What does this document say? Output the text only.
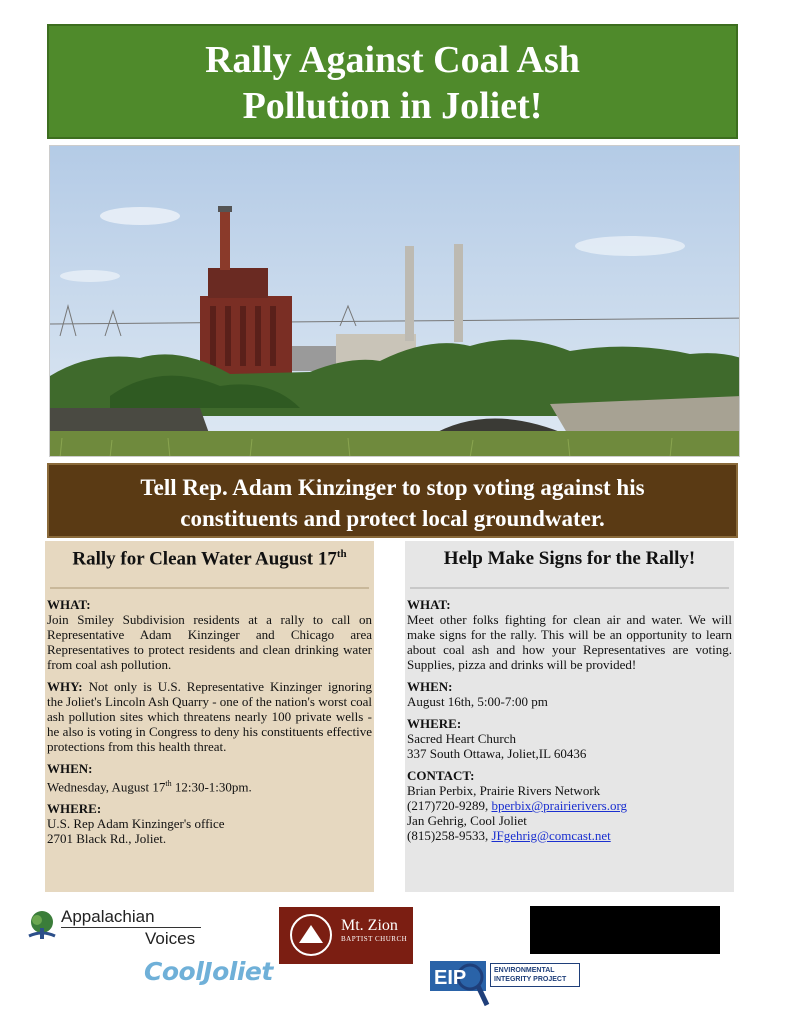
Rally Against Coal Ash
Pollution in Joliet!
Tell Rep. Adam Kinzinger to stop voting against his
constituents and protect local groundwater.
Rally for Clean Water August 17th
WHAT:

Join Smiley Subdivision residents at a rally to call on Representative Adam Kinzinger and Chicago area Representatives to protect residents and clean drinking water from coal ash pollution.

WHY: Not only is U.S. Representative Kinzinger ignoring the Joliet's Lincoln Ash Quarry - one of the nation's worst coal ash pollution sites which threatens nearly 100 private wells - he also is voting in Congress to deny his constituents effective protections from this health threat.

WHEN:
Wednesday, August 17th 12:30-1:30pm.
WHERE:
U.S. Rep Adam Kinzinger's office
2701 Black Rd., Joliet.
Help Make Signs for the Rally!
WHAT:

Meet other folks fighting for clean air and water. We will make signs for the rally. This will be an opportunity to learn about coal ash and how your Representatives are voting. Supplies, pizza and drinks will be provided!

WHEN:
August 16th, 5:00-7:00 pm
WHERE:
Sacred Heart Church
337 South Ottawa, Joliet,IL 60436
CONTACT:
Brian Perbix, Prairie Rivers Network
(217)720-9289, bperbix@prairierivers.org
Jan Gehrig, Cool Joliet
(815)258-9533, JFgehrig@comcast.net
Appalachian
Voices
Mt. Zion
BAPTIST CHURCH
CoolJoliet	EIP	ENVIRONMENTAL INTEGRITY PROJECT
